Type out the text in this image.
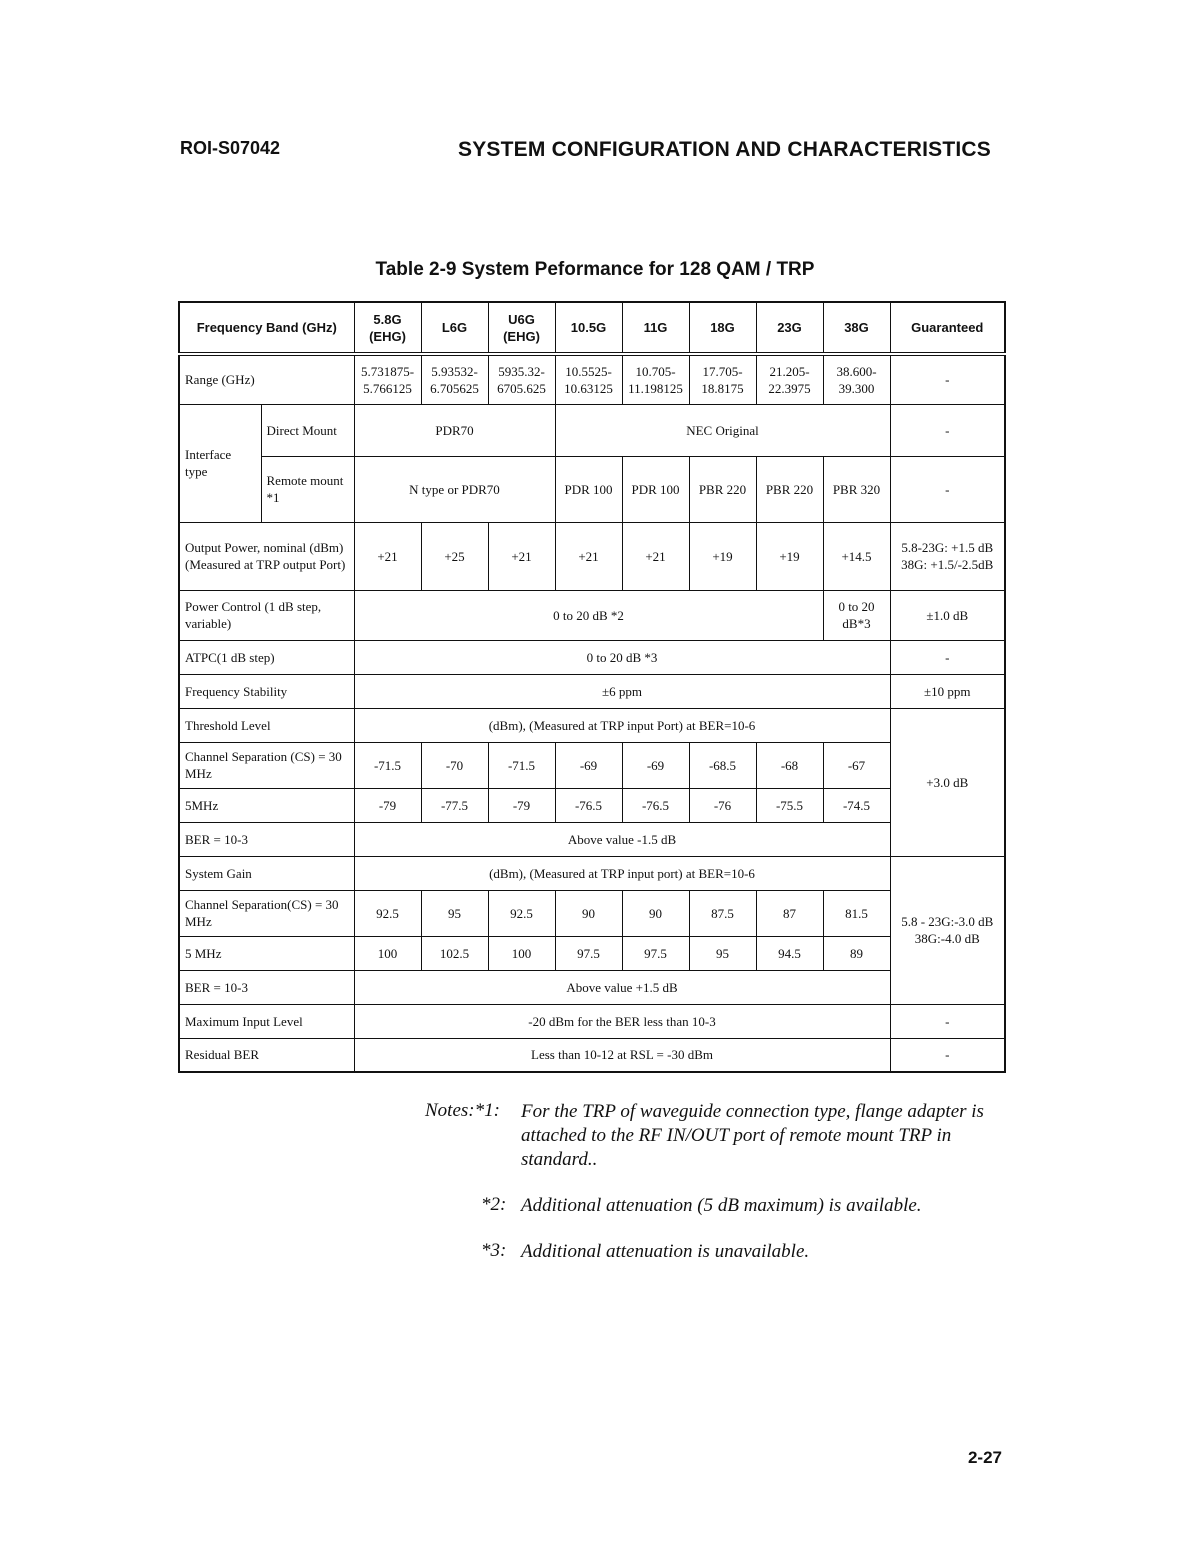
ROI-S07042	SYSTEM CONFIGURATION AND CHARACTERISTICS
Table 2-9 System Peformance for 128 QAM / TRP
Frequency Band (GHz)		5.8G (EHG)	L6G	U6G (EHG)	10.5G	11G	18G	23G	38G	Guaranteed
Range (GHz)		5.731875- 5.766125	5.93532- 6.705625	5935.32- 6705.625	10.5525- 10.63125	10.705- 11.198125	17.705- 18.8175	21.205- 22.3975	38.600- 39.300	-
Interface type	Direct Mount	PDR70			NEC Original					-
	Remote mount *1	N type or PDR70			PDR 100	PDR 100	PBR 220	PBR 220	PBR 320	-
Output Power, nominal (dBm) (Measured at TRP output Port)		+21	+25	+21	+21	+21	+19	+19	+14.5	5.8-23G: +1.5 dB 38G: +1.5/-2.5dB
Power Control (1 dB step, variable)		0 to 20 dB *2							0 to 20 dB*3	±1.0 dB
ATPC(1 dB step)		0 to 20 dB *3								-
Frequency Stability		±6 ppm								±10 ppm
Threshold Level		(dBm), (Measured at TRP input Port) at BER=10-6								+3.0 dB
Channel Separation (CS) = 30 MHz		-71.5	-70	-71.5	-69	-69	-68.5	-68	-67	
5MHz		-79	-77.5	-79	-76.5	-76.5	-76	-75.5	-74.5	
BER = 10-3		Above value -1.5 dB								
System Gain		(dBm), (Measured at TRP input port) at BER=10-6								5.8 - 23G:-3.0 dB 38G:-4.0 dB
Channel Separation(CS) = 30 MHz		92.5	95	92.5	90	90	87.5	87	81.5	
5 MHz		100	102.5	100	97.5	97.5	95	94.5	89	
BER = 10-3		Above value +1.5 dB								
Maximum Input Level		-20 dBm for the BER less than 10-3								-
Residual BER		Less than 10-12 at RSL = -30 dBm								-
Notes:*1: For the TRP of waveguide connection type, flange adapter is attached to the RF IN/OUT port of remote mount TRP in standard..
*2: Additional attenuation (5 dB maximum) is available.
*3: Additional attenuation is unavailable.
2-27
